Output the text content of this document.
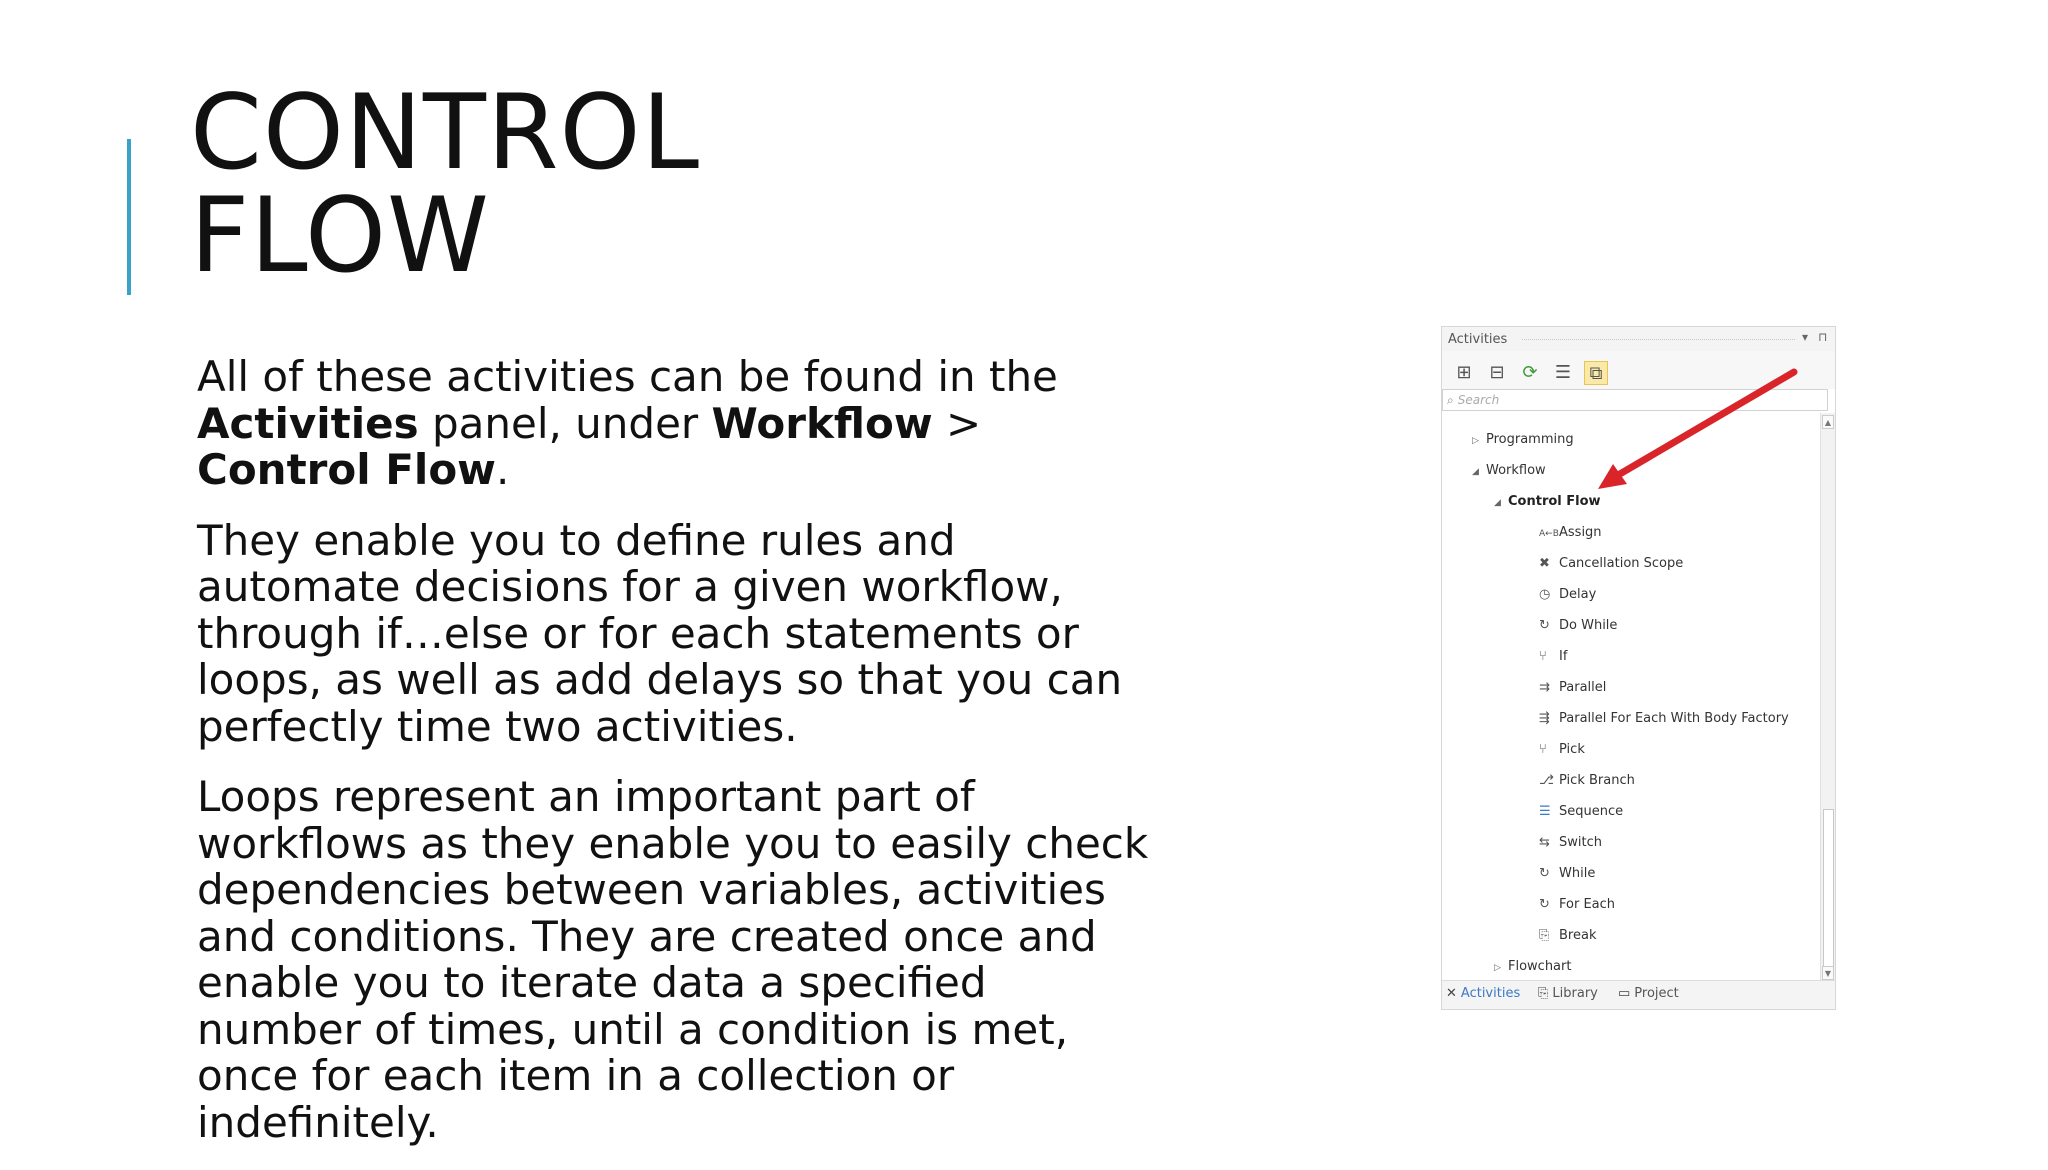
CONTROL
FLOW

All of these activities can be found in the Activities panel, under Workflow > Control Flow.

They enable you to define rules and automate decisions for a given workflow, through if…else or for each statements or loops, as well as add delays so that you can perfectly time two activities.

Loops represent an important part of workflows as they enable you to easily check dependencies between variables, activities and conditions. They are created once and enable you to iterate data a specified number of times, until a condition is met, once for each item in a collection or indefinitely.

Activities	▾ ⊓
⊞ ⊟ ⟳ ☰	⧉
⌕ Search
▷ Programming
◢ Workflow
◢ Control Flow
A←BAssign
✖ Cancellation Scope
◷ Delay
↻ Do While
⑂ If
⇉ Parallel
⇶ Parallel For Each With Body Factory
⑂ Pick
⎇ Pick Branch
☰ Sequence
⇆ Switch
↻ While
↻ For Each
⎘ Break
▷ Flowchart
▲
▼
✕ Activities ⎘ Library ▭ Project
